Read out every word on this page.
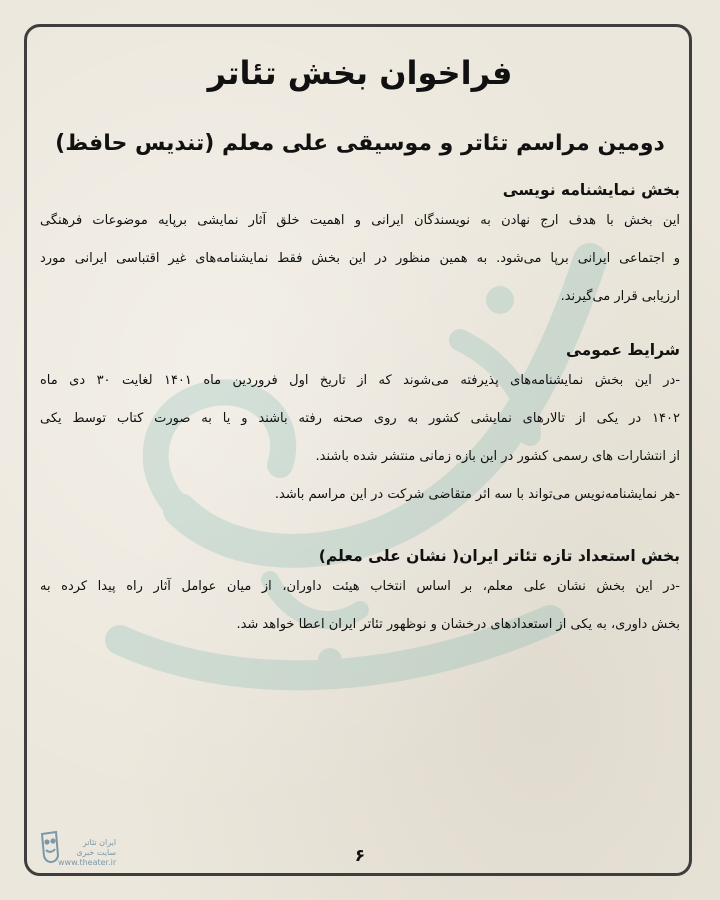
فراخوان بخش تئاتر
دومین مراسم تئاتر و موسیقی علی معلم (تندیس حافظ)
بخش نمایشنامه نویسی

این بخش با هدف ارج نهادن به نویسندگان ایرانی و اهمیت خلق آثار نمایشی برپایه موضوعات فرهنگی
و اجتماعی ایرانی برپا می‌شود. به همین منظور در این بخش فقط نمایشنامه‌های غیر اقتباسی ایرانی مورد
ارزیابی قرار می‌گیرند.

شرایط عمومی

-در این بخش نمایشنامه‌های پذیرفته می‌شوند که از تاریخ اول فروردین ماه ۱۴۰۱ لغایت ۳۰ دی ماه
۱۴۰۲ در یکی از تالارهای نمایشی کشور به روی صحنه رفته باشند و یا به صورت کتاب توسط یکی
از انتشارات های رسمی کشور در این بازه زمانی منتشر شده باشند.
-هر نمایشنامه‌نویس می‌تواند با سه اثر متقاضی شرکت در این مراسم باشد.

بخش استعداد تازه تئاتر ایران( نشان علی معلم)

-در این بخش نشان علی معلم، بر اساس انتخاب هیئت داوران، از میان عوامل آثار راه پیدا کرده به
بخش داوری، به یکی از استعدادهای درخشان و نوظهور تئاتر ایران اعطا خواهد شد.

۶
ایران تئاتر
سایت خبری
www.theater.ir
